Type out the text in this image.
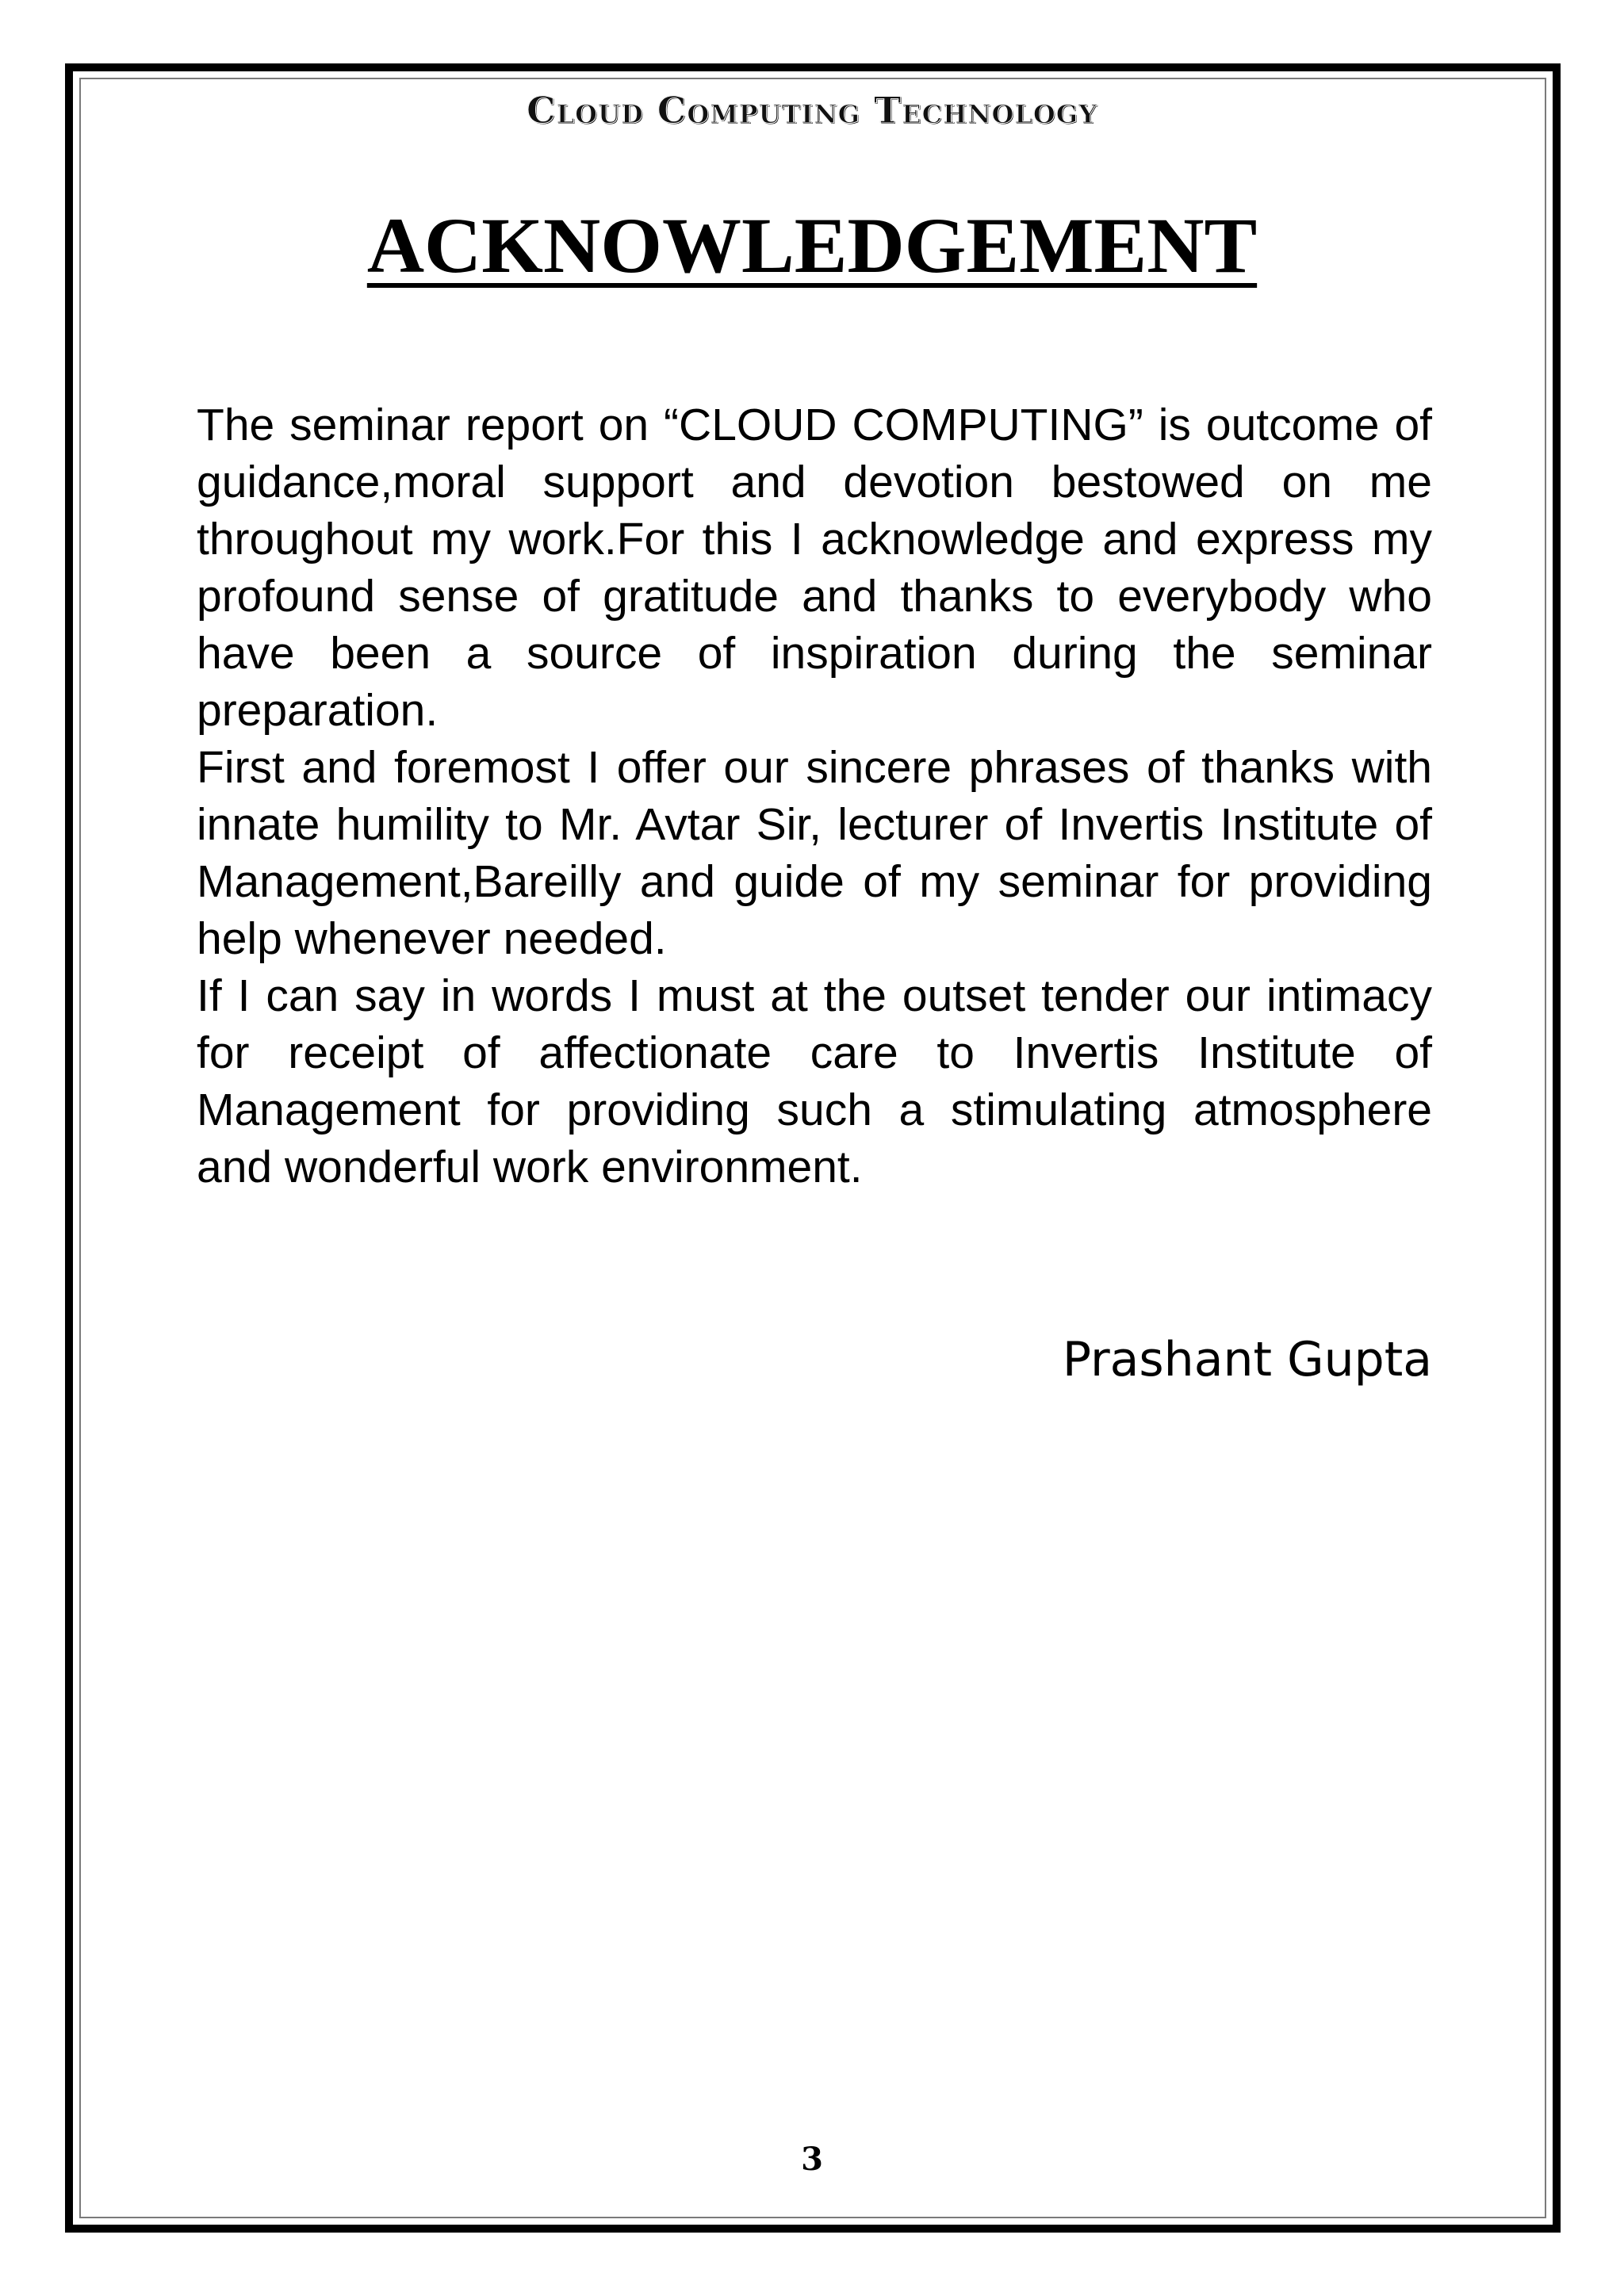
Cloud Computing Technology
ACKNOWLEDGEMENT

The seminar report on “CLOUD COMPUTING” is outcome of guidance,moral support and devotion bestowed on me throughout my work.For this I acknowledge and express my profound sense of gratitude and thanks to everybody who have been a source of inspiration during the seminar preparation.

First and foremost I offer our sincere phrases of thanks with innate humility to Mr. Avtar Sir, lecturer of Invertis Institute of Management,Bareilly and guide of my seminar for providing help whenever needed.

If I can say in words I must at the outset tender our intimacy for receipt of affectionate care to Invertis Institute of Management for providing such a stimulating atmosphere and wonderful work environment.

Prashant Gupta
3
